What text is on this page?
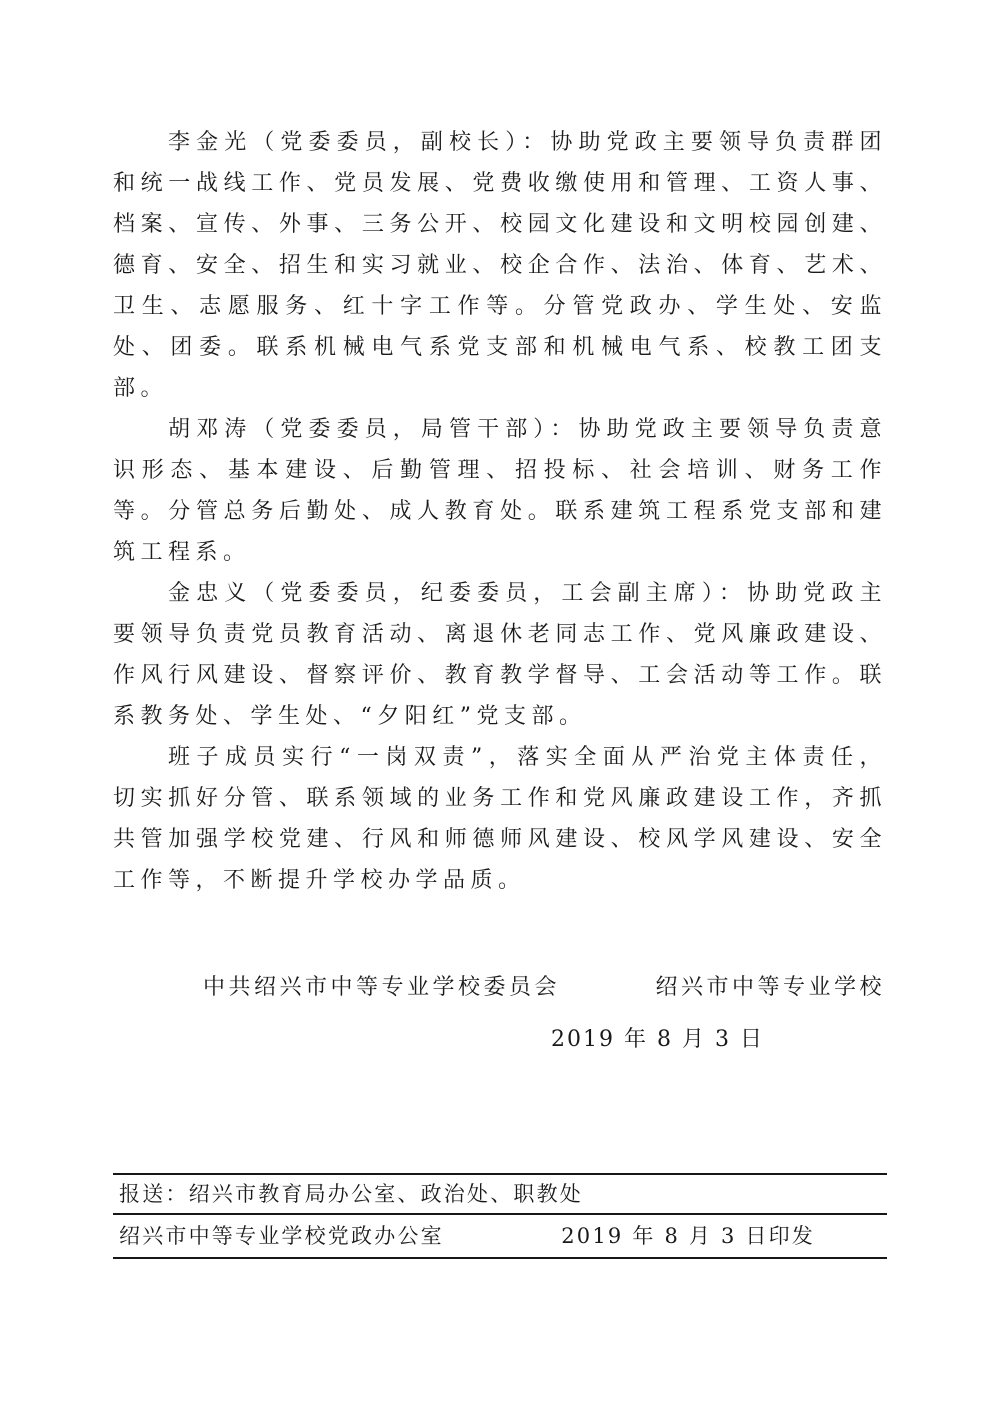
李金光（党委委员，副校长）：协助党政主要领导负责群团和统一战线工作、党员发展、党费收缴使用和管理、工资人事、档案、宣传、外事、三务公开、校园文化建设和文明校园创建、德育、安全、招生和实习就业、校企合作、法治、体育、艺术、卫生、志愿服务、红十字工作等。分管党政办、学生处、安监处、团委。联系机械电气系党支部和机械电气系、校教工团支部。

胡邓涛（党委委员，局管干部）：协助党政主要领导负责意识形态、基本建设、后勤管理、招投标、社会培训、财务工作等。分管总务后勤处、成人教育处。联系建筑工程系党支部和建筑工程系。

金忠义（党委委员，纪委委员，工会副主席）：协助党政主要领导负责党员教育活动、离退休老同志工作、党风廉政建设、作风行风建设、督察评价、教育教学督导、工会活动等工作。联系教务处、学生处、“夕阳红”党支部。

班子成员实行“一岗双责”，落实全面从严治党主体责任，切实抓好分管、联系领域的业务工作和党风廉政建设工作，齐抓共管加强学校党建、行风和师德师风建设、校风学风建设、安全工作等，不断提升学校办学品质。

中共绍兴市中等专业学校委员会	绍兴市中等专业学校
2019 年 8 月 3 日
报送：绍兴市教育局办公室、政治处、职教处
绍兴市中等专业学校党政办公室	2019 年 8 月 3 日印发
